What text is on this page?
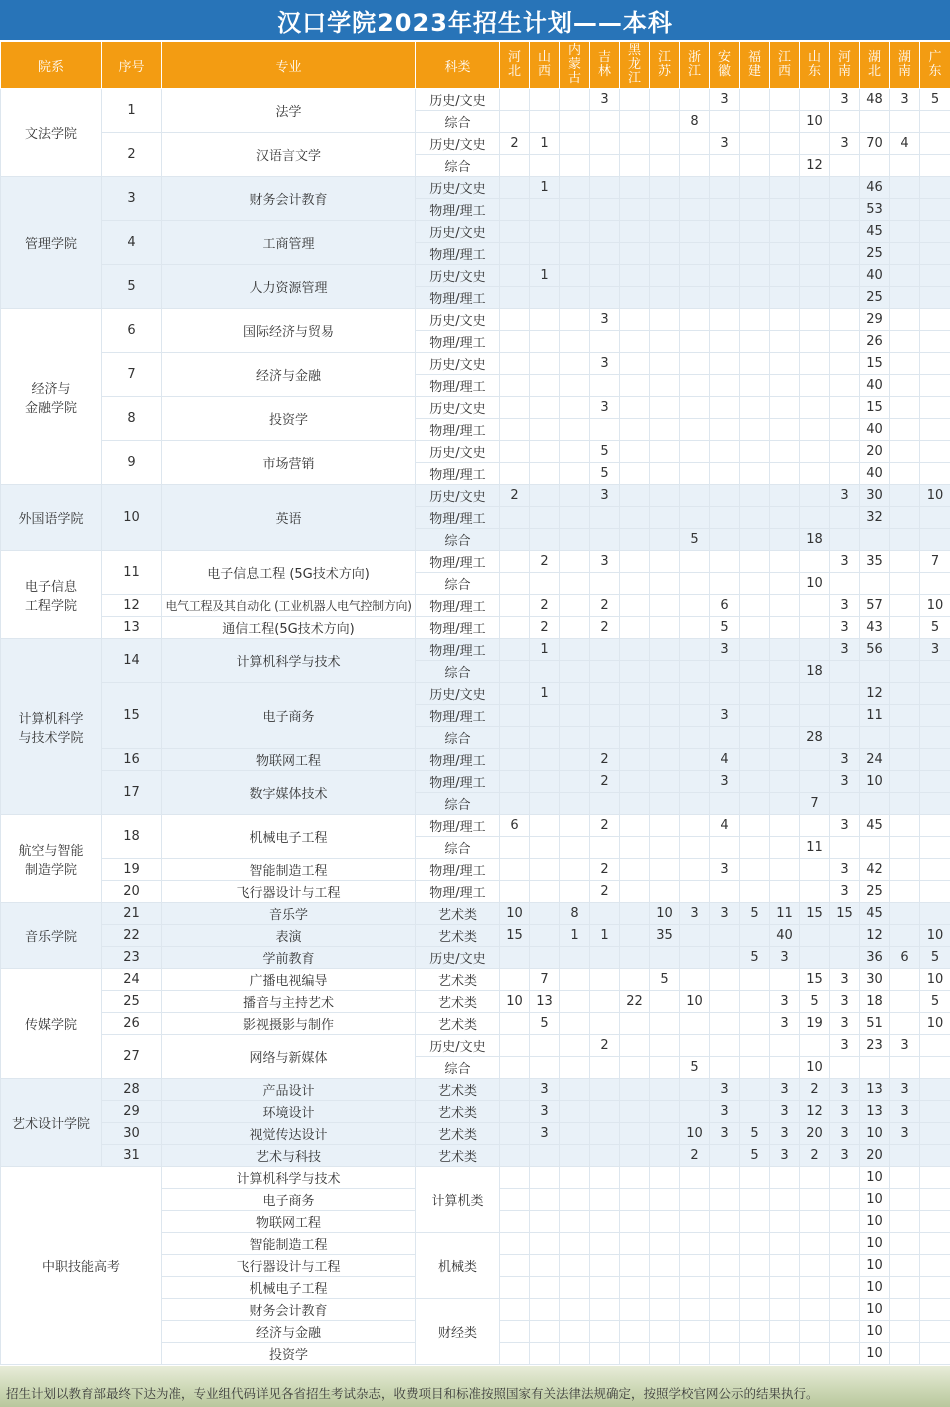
汉口学院2023年招生计划——本科
院系	序号	专业	科类	河北	山西	内蒙古	吉林	黑龙江	江苏	浙江	安徽	福建	江西	山东	河南	湖北	湖南	广东
文法学院	1	法学	历史/文史				3				3				3	48	3	5
			综合							8				10				
	2	汉语言文学	历史/文史	2	1						3				3	70	4	
			综合											12				
管理学院	3	财务会计教育	历史/文史		1											46		
			物理/理工													53		
	4	工商管理	历史/文史													45		
			物理/理工													25		
	5	人力资源管理	历史/文史		1											40		
			物理/理工													25		
经济与
金融学院	6	国际经济与贸易	历史/文史				3									29		
			物理/理工													26		
	7	经济与金融	历史/文史				3									15		
			物理/理工													40		
	8	投资学	历史/文史				3									15		
			物理/理工													40		
	9	市场营销	历史/文史				5									20		
			物理/理工				5									40		
外国语学院	10	英语	历史/文史	2			3								3	30		10
			物理/理工													32		
			综合							5				18				
电子信息
工程学院	11	电子信息工程 (5G技术方向)	物理/理工		2		3								3	35		7
			综合											10				
	12	电气工程及其自动化 (工业机器人电气控制方向)	物理/理工		2		2				6				3	57		10
	13	通信工程(5G技术方向)	物理/理工		2		2				5				3	43		5
计算机科学
与技术学院	14	计算机科学与技术	物理/理工		1						3				3	56		3
			综合											18				
	15	电子商务	历史/文史		1											12		
			物理/理工								3					11		
			综合											28				
	16	物联网工程	物理/理工				2				4				3	24		
	17	数字媒体技术	物理/理工				2				3				3	10		
			综合											7				
航空与智能
制造学院	18	机械电子工程	物理/理工	6			2				4				3	45		
			综合											11				
	19	智能制造工程	物理/理工				2				3				3	42		
	20	飞行器设计与工程	物理/理工				2								3	25		
音乐学院	21	音乐学	艺术类	10		8			10	3	3	5	11	15	15	45		
	22	表演	艺术类	15		1	1		35				40			12		10
	23	学前教育	历史/文史									5	3			36	6	5
传媒学院	24	广播电视编导	艺术类		7				5					15	3	30		10
	25	播音与主持艺术	艺术类	10	13			22		10			3	5	3	18		5
	26	影视摄影与制作	艺术类		5								3	19	3	51		10
	27	网络与新媒体	历史/文史				2								3	23	3	
			综合							5				10				
艺术设计学院	28	产品设计	艺术类		3						3		3	2	3	13	3	
	29	环境设计	艺术类		3						3		3	12	3	13	3	
	30	视觉传达设计	艺术类		3					10	3	5	3	20	3	10	3	
	31	艺术与科技	艺术类							2		5	3	2	3	20		
中职技能高考		计算机科学与技术	计算机类													10		
		电子商务														10		
		物联网工程														10		
		智能制造工程	机械类													10		
		飞行器设计与工程														10		
		机械电子工程														10		
		财务会计教育	财经类													10		
		经济与金融														10		
		投资学														10		
招生计划以教育部最终下达为准，专业组代码详见各省招生考试杂志，收费项目和标准按照国家有关法律法规确定，按照学校官网公示的结果执行。
